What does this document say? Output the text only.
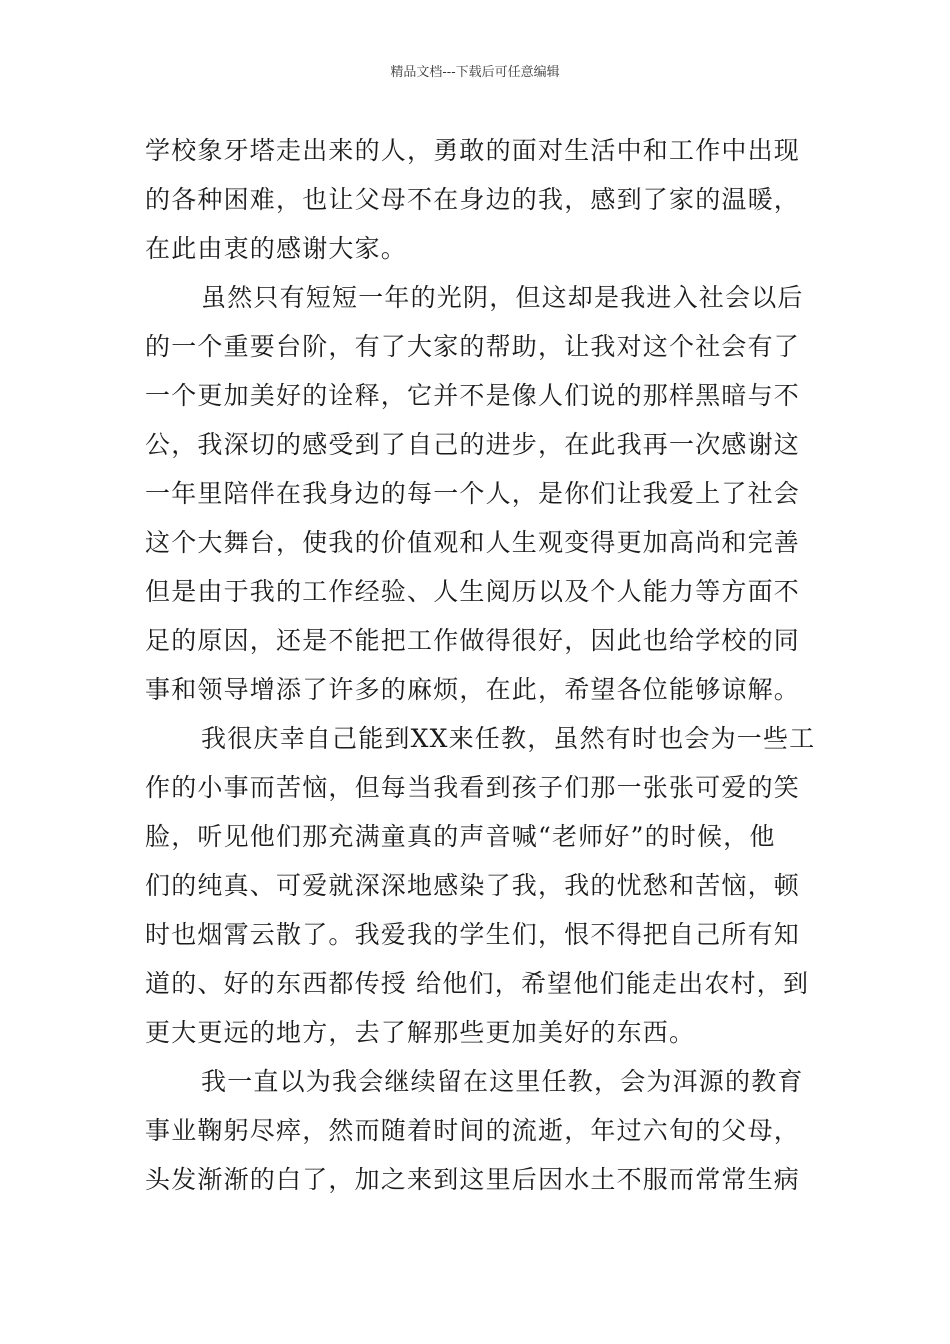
精品文档---下载后可任意编辑
学校象牙塔走出来的人，勇敢的面对生活中和工作中出现
的各种困难，也让父母不在身边的我，感到了家的温暖，
在此由衷的感谢大家。
虽然只有短短一年的光阴，但这却是我进入社会以后
的一个重要台阶，有了大家的帮助，让我对这个社会有了
一个更加美好的诠释，它并不是像人们说的那样黑暗与不
公，我深切的感受到了自己的进步，在此我再一次感谢这
一年里陪伴在我身边的每一个人，是你们让我爱上了社会
这个大舞台，使我的价值观和人生观变得更加高尚和完善
但是由于我的工作经验、人生阅历以及个人能力等方面不
足的原因，还是不能把工作做得很好，因此也给学校的同
事和领导增添了许多的麻烦，在此，希望各位能够谅解。
我很庆幸自己能到XX来任教，虽然有时也会为一些工
作的小事而苦恼，但每当我看到孩子们那一张张可爱的笑
脸，听见他们那充满童真的声音喊“老师好”的时候，他
们的纯真、可爱就深深地感染了我，我的忧愁和苦恼，顿
时也烟霄云散了。我爱我的学生们，恨不得把自己所有知
道的、好的东西都传授 给他们，希望他们能走出农村，到
更大更远的地方，去了解那些更加美好的东西。
我一直以为我会继续留在这里任教，会为洱源的教育
事业鞠躬尽瘁，然而随着时间的流逝，年过六旬的父母，
头发渐渐的白了，加之来到这里后因水土不服而常常生病
